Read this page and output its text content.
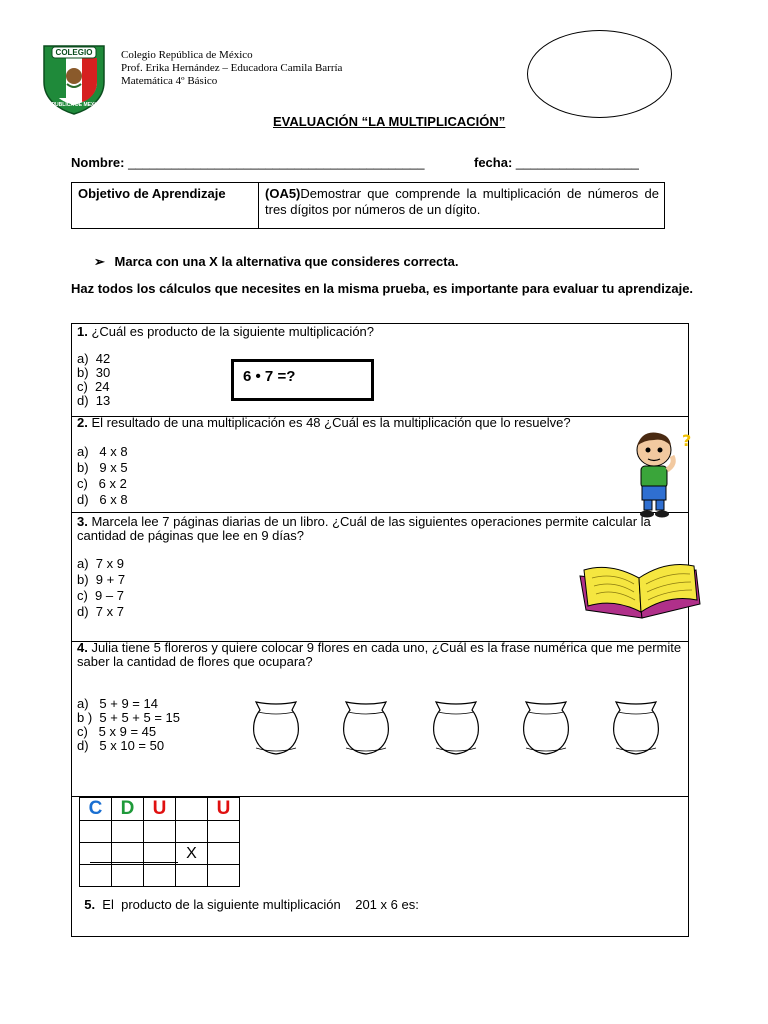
COLEGIO
REPUBLICA DE MEXICO
Colegio República de México
Prof. Erika Hernández – Educadora Camila Barría
Matemática 4º Básico
EVALUACIÓN “LA MULTIPLICACIÓN”
Nombre: _________________________________________	fecha: _________________
Objetivo de Aprendizaje	(OA5)Demostrar que comprende la multiplicación de números de tres dígitos por números de un dígito.
➢ Marca con una X la alternativa que consideres correcta.
Haz todos los cálculos que necesites en la misma prueba, es importante para evaluar tu aprendizaje.
1. ¿Cuál es producto de la siguiente multiplicación?
a)  42
b)  30
c)  24
d)  13
6 • 7 =?
2. El resultado de una multiplicación es 48 ¿Cuál es la multiplicación que lo resuelve?
a)   4 x 8
b)   9 x 5
c)   6 x 2
d)   6 x 8
?
3. Marcela lee 7 páginas diarias de un libro. ¿Cuál de las siguientes operaciones permite calcular la cantidad de páginas que lee en 9 días?
a)  7 x 9
b)  9 + 7
c)  9 – 7
d)  7 x 7
4. Julia tiene 5 floreros y quiere colocar 9 flores en cada uno, ¿Cuál es la frase numérica que me permite saber la cantidad de flores que ocupara?
a)   5 + 9 = 14
b )  5 + 5 + 5 = 15
c)   5 x 9 = 45
d)   5 x 10 = 50
C	D	U		U

			X	

5.  El  producto de la siguiente multiplicación    201 x 6 es:
